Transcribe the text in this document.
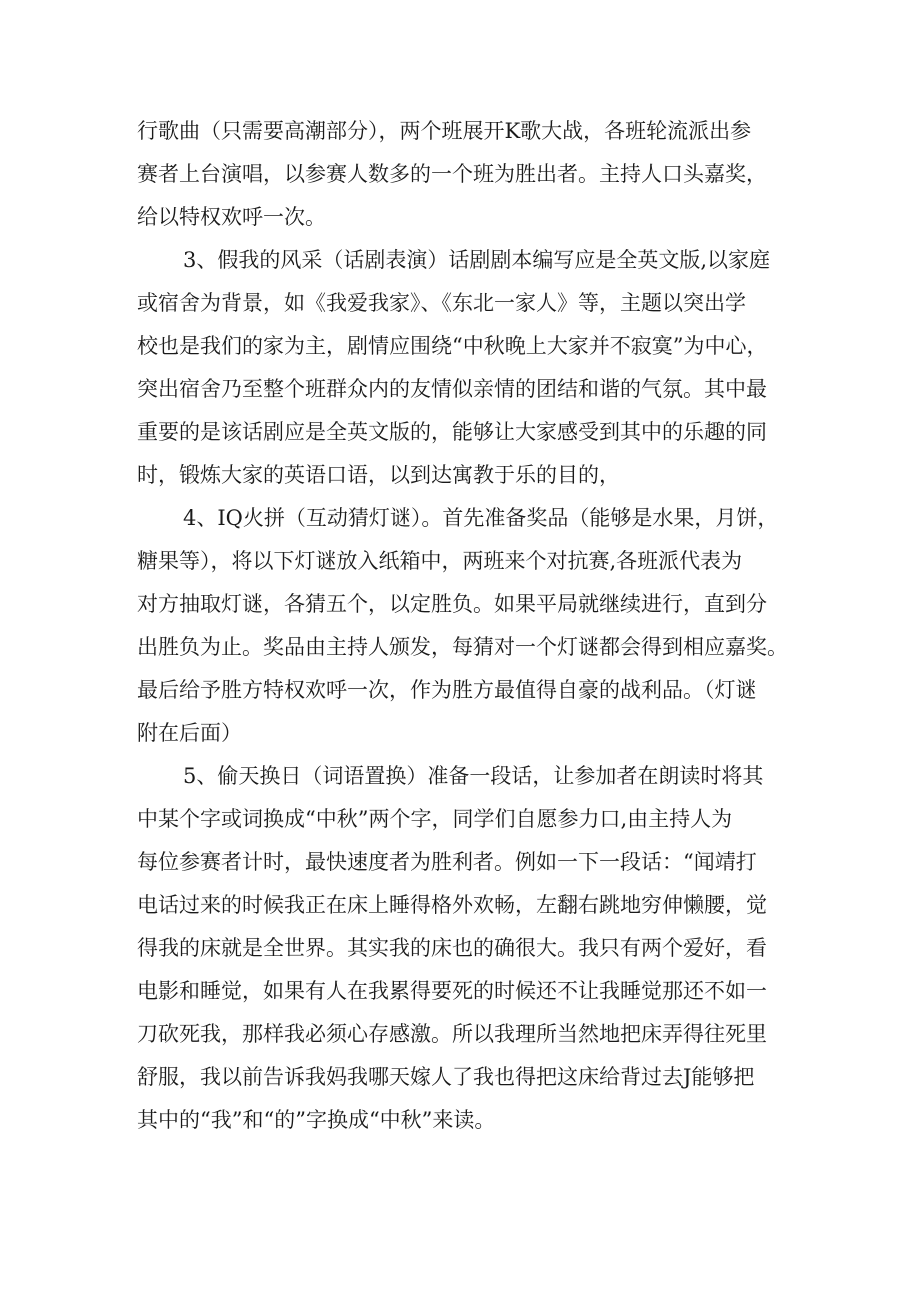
行歌曲（只需要高潮部分），两个班展开K歌大战，各班轮流派出参
赛者上台演唱，以参赛人数多的一个班为胜出者。主持人口头嘉奖，
给以特权欢呼一次。
3、假我的风采（话剧表演）话剧剧本编写应是全英文版,以家庭
或宿舍为背景，如《我爱我家》、《东北一家人》等，主题以突出学
校也是我们的家为主，剧情应围绕“中秋晚上大家并不寂寞”为中心，
突出宿舍乃至整个班群众内的友情似亲情的团结和谐的气氛。其中最
重要的是该话剧应是全英文版的，能够让大家感受到其中的乐趣的同
时，锻炼大家的英语口语，以到达寓教于乐的目的，
4、IQ火拼（互动猜灯谜）。首先准备奖品（能够是水果，月饼，
糖果等），将以下灯谜放入纸箱中，两班来个对抗赛,各班派代表为
对方抽取灯谜，各猜五个，以定胜负。如果平局就继续进行，直到分
出胜负为止。奖品由主持人颁发，每猜对一个灯谜都会得到相应嘉奖。
最后给予胜方特权欢呼一次，作为胜方最值得自豪的战利品。（灯谜
附在后面）
5、偷天换日（词语置换）准备一段话，让参加者在朗读时将其
中某个字或词换成“中秋”两个字，同学们自愿参力口,由主持人为
每位参赛者计时，最快速度者为胜利者。例如一下一段话：“闻靖打
电话过来的时候我正在床上睡得格外欢畅，左翻右跳地穷伸懒腰，觉
得我的床就是全世界。其实我的床也的确很大。我只有两个爱好，看
电影和睡觉，如果有人在我累得要死的时候还不让我睡觉那还不如一
刀砍死我，那样我必须心存感激。所以我理所当然地把床弄得往死里
舒服，我以前告诉我妈我哪天嫁人了我也得把这床给背过去J能够把
其中的“我”和“的”字换成“中秋”来读。
